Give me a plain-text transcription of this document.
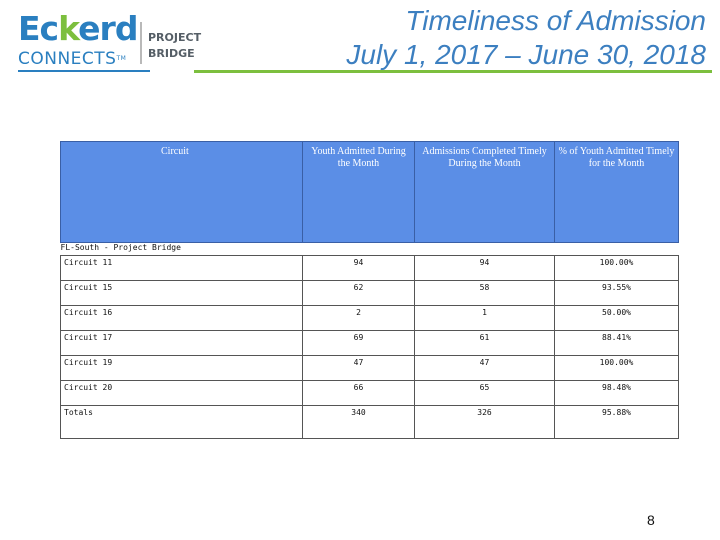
Eckerd
CONNECTSTM
PROJECT
BRIDGE
Timeliness of Admission
July 1, 2017 – June 30, 2018
Circuit	Youth Admitted During the Month	Admissions Completed Timely During the Month	% of Youth Admitted Timely for the Month
FL-South - Project Bridge			
Circuit 11	94	94	100.00%
Circuit 15	62	58	93.55%
Circuit 16	2	1	50.00%
Circuit 17	69	61	88.41%
Circuit 19	47	47	100.00%
Circuit 20	66	65	98.48%
Totals	340	326	95.88%
8
